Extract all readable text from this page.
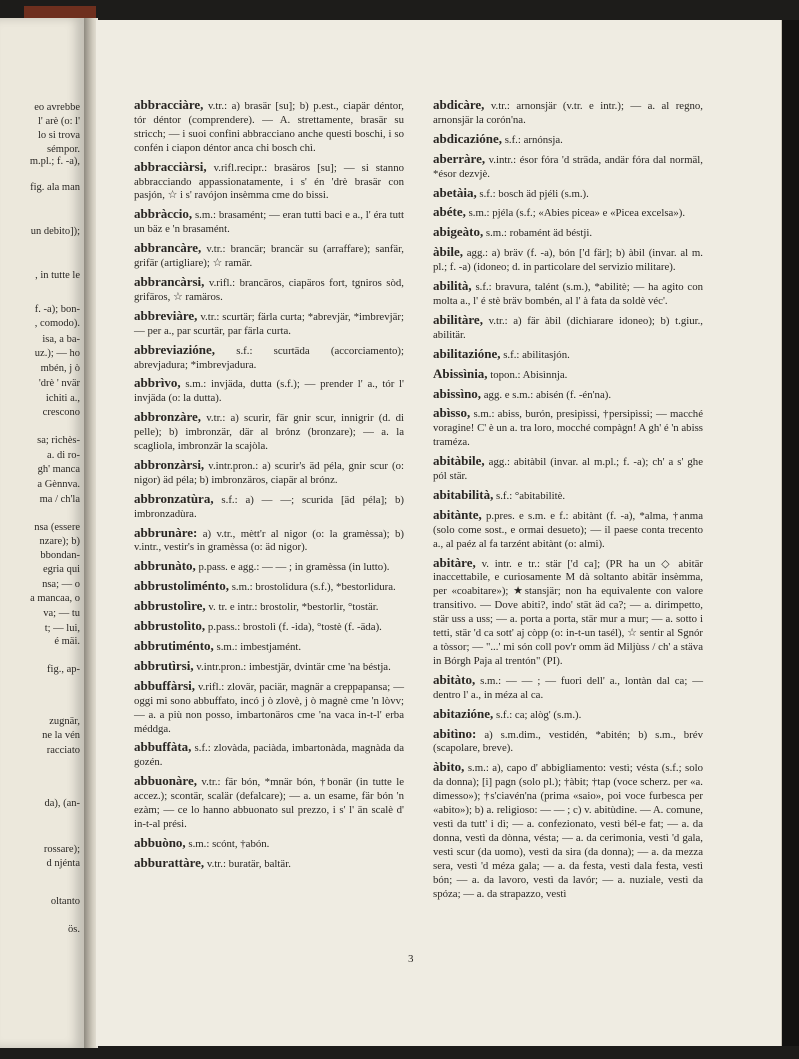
eo avrebbe
l' arè (o: l'
lo si trova
sémpor.
m.pl.; f. -a),
fig. ala man
un debito]);
, in tutte le
f. -a); bon-
, comodo).
isa, a ba-
uz.); — ho
mbén, j ò
'drè ' nvär
ichiti a.,
crescono
sa; richès-
a. di ro-
gh' manca
a Gènnva.
ma / ch'la
nsa (essere
nzare); b)
bbondan-
egria qui
nsa; — o
a mancaa, o
va; — tu
t; — lui,
é mäi.
fig., ap-
zugnär,
ne la vén
racciato
da), (an-
rossare);
d njénta
oltanto
ös.

abbracciàre, v.tr.: a) brasär [su]; b) p.est., ciapär déntor, tór déntor (comprendere). — A. strettamente, brasär su stricch; — i suoi confini abbracciano anche questi boschi, i so confén i ciapon déntor anca chi bosch chì.

abbracciàrsi, v.rifl.recipr.: brasäros [su]; — si stanno abbracciando appassionatamente, i s' én 'drè brasär con pasjón, ☆ i s' ravójon insèmma cme do bissi.

abbràccio, s.m.: brasamént; — eran tutti baci e a., l' éra tutt un bäz e 'n brasamént.

abbrancàre, v.tr.: brancär; brancär su (arraffare); sanfär, grifär (artigliare); ☆ ramär.

abbrancàrsi, v.rifl.: brancäros, ciapäros fort, tgniros sòd, grifäros, ☆ ramäros.

abbreviàre, v.tr.: scurtär; färla curta; *abrevjär, *imbrevjär; — per a., par scurtär, par färla curta.

abbreviazióne, s.f.: scurtäda (accorciamento); abrevjadura; *imbrevjadura.

abbrìvo, s.m.: invjäda, dutta (s.f.); — prender l' a., tór l' invjäda (o: la dutta).

abbronzàre, v.tr.: a) scurir, fär gnir scur, innigrir (d. di pelle); b) imbronzär, där al brónz (bronzare); — a. la scagliola, imbronzär la scajòla.

abbronzàrsi, v.intr.pron.: a) scurir's äd péla, gnir scur (o: nigor) äd péla; b) imbronzäros, ciapär al brónz.

abbronzatùra, s.f.: a) — —; scurida [äd péla]; b) imbronzadùra.

abbrunàre: a) v.tr., mètt'r al nigor (o: la gramèssa); b) v.intr., vestir's in gramèssa (o: äd nigor).

abbrunàto, p.pass. e agg.: — — ; in gramèssa (in lutto).

abbrustoliménto, s.m.: brostolidura (s.f.), *bestorlidura.

abbrustolìre, v. tr. e intr.: brostolir, *bestorlir, °tostär.

abbrustolìto, p.pass.: brostolì (f. -ida), °tostè (f. -äda).

abbrutiménto, s.m.: imbestjamént.

abbrutìrsi, v.intr.pron.: imbestjär, dvintär cme 'na béstja.

abbuffàrsi, v.rifl.: zlovär, paciär, magnär a creppapansa; — oggi mi sono abbuffato, incó j ò zlovè, j ò magnè cme 'n lòvv; — a. a più non posso, imbartonäros cme 'na vaca in-t-l' erba méddga.

abbuffàta, s.f.: zlovàda, paciàda, imbartonàda, magnàda da gozén.

abbuonàre, v.tr.: fär bón, *mnär bón, †bonär (in tutte le accez.); scontär, scalär (defalcare); — a. un esame, fär bón 'n ezàm; — ce lo hanno abbuonato sul prezzo, i s' l' än scalè d' in-t-al prési.

abbuòno, s.m.: scónt, †abón.

abburattàre, v.tr.: buratär, baltär.

abdicàre, v.tr.: arnonsjär (v.tr. e intr.); — a. al regno, arnonsjär la corón'na.

abdicazióne, s.f.: arnónsja.

aberràre, v.intr.: ésor fóra 'd sträda, andär fóra dal normäl, *ésor dezvjè.

abetàia, s.f.: bosch äd pjéli (s.m.).

abéte, s.m.: pjéla (s.f.; «Abies picea» e «Picea excelsa»).

abigeàto, s.m.: robamént äd béstji.

àbile, agg.: a) bräv (f. -a), bón ['d fär]; b) àbil (invar. al m. pl.; f. -a) (idoneo; d. in particolare del servizio militare).

abilità, s.f.: bravura, talént (s.m.), *abilitè; — ha agito con molta a., l' é stè bräv bombén, al l' à fata da soldè véc'.

abilitàre, v.tr.: a) fär àbil (dichiarare idoneo); b) t.giur., abilitär.

abilitazióne, s.f.: abilitasjón.

Abissìnia, topon.: Abisìnnja.

abissìno, agg. e s.m.: abisén (f. -én'na).

abìsso, s.m.: abiss, burón, presipìssi, †persipìssi; — macché voragine! C' è un a. tra loro, mocché compàgn! A gh' é 'n abiss traméza.

abitàbile, agg.: abitàbil (invar. al m.pl.; f. -a); ch' a s' ghe pól stär.

abitabilità, s.f.: °abitabilitè.

abitànte, p.pres. e s.m. e f.: abitànt (f. -a), *alma, †anma (solo come sost., e ormai desueto); — il paese conta trecento a., al paéz al fa tarzént abitànt (o: almi).

abitàre, v. intr. e tr.: stär ['d ca]; (PR ha un ◇ abitär inaccettabile, e curiosamente M dà soltanto abitär insèmma, per «coabitare»); ★stansjär; non ha equivalente con valore transitivo. — Dove abiti?, indo' stät äd ca?; — a. dirimpetto, stär uss a uss; — a. porta a porta, stär mur a mur; — a. sotto i tetti, stär 'd ca sott' aj còpp (o: in-t-un tasél), ☆ sentir al Sgnór a tòssor; — "...' mi són coll pov'r omm äd Miljùss / ch' a stäva in Bórgh Paja al trentón" (PI).

abitàto, s.m.: — — ; — fuori dell' a., lontàn dal ca; — dentro l' a., in méza al ca.

abitazióne, s.f.: ca; alòg' (s.m.).

abitìno: a) s.m.dim., vestidén, *abitén; b) s.m., brév (scapolare, breve).

àbito, s.m.: a), capo d' abbigliamento: vestì; vésta (s.f.; solo da donna); [i] pagn (solo pl.); †àbit; †tap (voce scherz. per «a. dimesso»); †s'ciavén'na (prima «saio», poi voce furbesca per «abito»); b) a. religioso: — — ; c) v. abitùdine. — A. comune, vestì da tutt' i dì; — a. confezionato, vestì bél-e fat; — a. da donna, vestì da dònna, vésta; — a. da cerimonia, vestì 'd gala, vestì scur (da uomo), vestì da sira (da donna); — a. da mezza sera, vestì 'd méza gala; — a. da festa, vestì dala festa, vestì bón; — a. da lavoro, vestì da lavór; — a. nuziale, vestì da spóza; — a. da strapazzo, vestì

3
